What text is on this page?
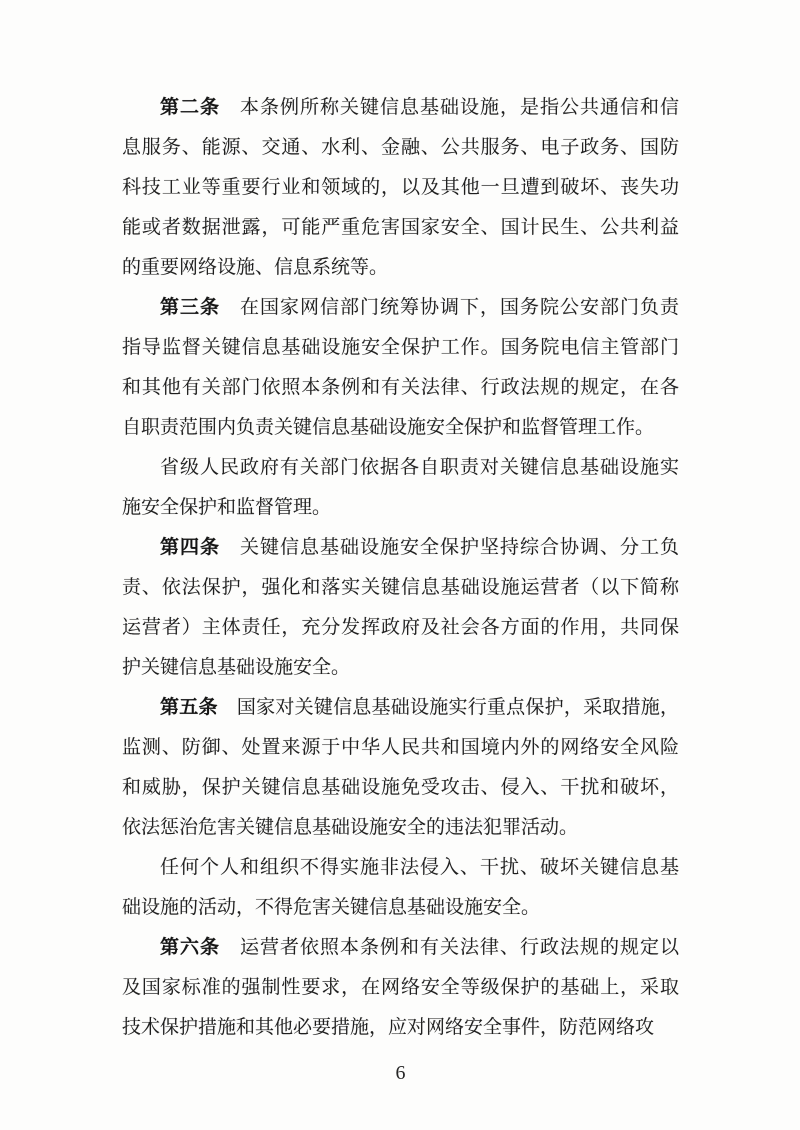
第二条　本条例所称关键信息基础设施，是指公共通信和信
息服务、能源、交通、水利、金融、公共服务、电子政务、国防
科技工业等重要行业和领域的，以及其他一旦遭到破坏、丧失功
能或者数据泄露，可能严重危害国家安全、国计民生、公共利益
的重要网络设施、信息系统等。
第三条　在国家网信部门统筹协调下，国务院公安部门负责
指导监督关键信息基础设施安全保护工作。国务院电信主管部门
和其他有关部门依照本条例和有关法律、行政法规的规定，在各
自职责范围内负责关键信息基础设施安全保护和监督管理工作。
省级人民政府有关部门依据各自职责对关键信息基础设施实
施安全保护和监督管理。
第四条　关键信息基础设施安全保护坚持综合协调、分工负
责、依法保护，强化和落实关键信息基础设施运营者（以下简称
运营者）主体责任，充分发挥政府及社会各方面的作用，共同保
护关键信息基础设施安全。
第五条　国家对关键信息基础设施实行重点保护，采取措施，
监测、防御、处置来源于中华人民共和国境内外的网络安全风险
和威胁，保护关键信息基础设施免受攻击、侵入、干扰和破坏，
依法惩治危害关键信息基础设施安全的违法犯罪活动。
任何个人和组织不得实施非法侵入、干扰、破坏关键信息基
础设施的活动，不得危害关键信息基础设施安全。
第六条　运营者依照本条例和有关法律、行政法规的规定以
及国家标准的强制性要求，在网络安全等级保护的基础上，采取
技术保护措施和其他必要措施，应对网络安全事件，防范网络攻
6
